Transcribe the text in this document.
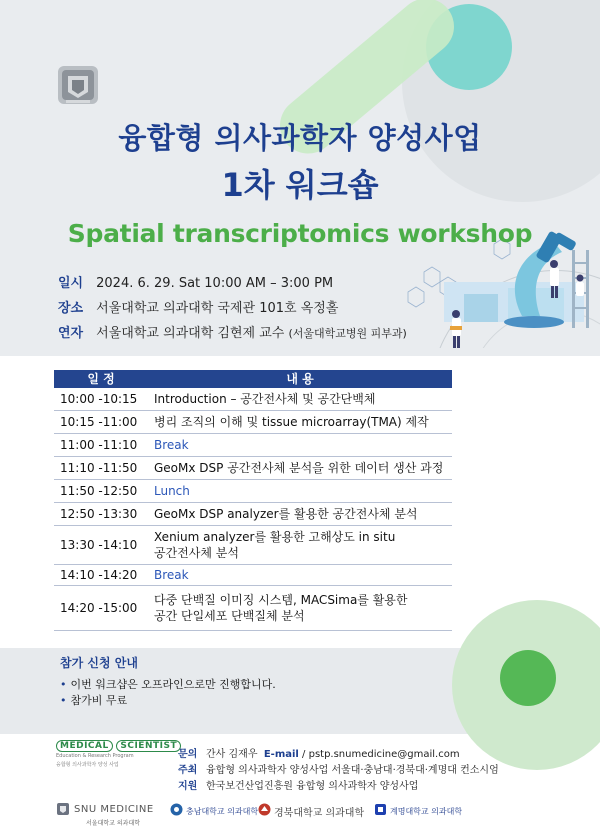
융합형 의사과학자 양성사업
1차 워크숍
Spatial transcriptomics workshop
일시 2024. 6. 29. Sat 10:00 AM – 3:00 PM
장소 서울대학교 의과대학 국제관 101호 옥정홀
연자 서울대학교 의과대학 김현제 교수 (서울대학교병원 피부과)
일 정	내 용
10:00 -10:15	Introduction – 공간전사체 및 공간단백체
10:15 -11:00	병리 조직의 이해 및 tissue microarray(TMA) 제작
11:00 -11:10	Break
11:10 -11:50	GeoMx DSP 공간전사체 분석을 위한 데이터 생산 과정
11:50 -12:50	Lunch
12:50 -13:30	GeoMx DSP analyzer를 활용한 공간전사체 분석
13:30 -14:10
Xenium analyzer를 활용한 고해상도 in situ
공간전사체 분석
14:10 -14:20	Break
14:20 -15:00
다중 단백질 이미징 시스템, MACSima를 활용한
공간 단일세포 단백질체 분석
참가 신청 안내
• 이번 워크샵은 오프라인으로만 진행합니다.
• 참가비 무료
MEDICAL SCIENTIST
Education & Research Program
융합형 의사과학자 양성 사업
문의 간사 김재우 E-mail / pstp.snumedicine@gmail.com
주최 융합형 의사과학자 양성사업 서울대·충남대·경북대·계명대 컨소시엄
지원 한국보건산업진흥원 융합형 의사과학자 양성사업
SNU MEDICINE
서울대학교 의과대학
충남대학교 의과대학 경북대학교 의과대학	계명대학교 의과대학
